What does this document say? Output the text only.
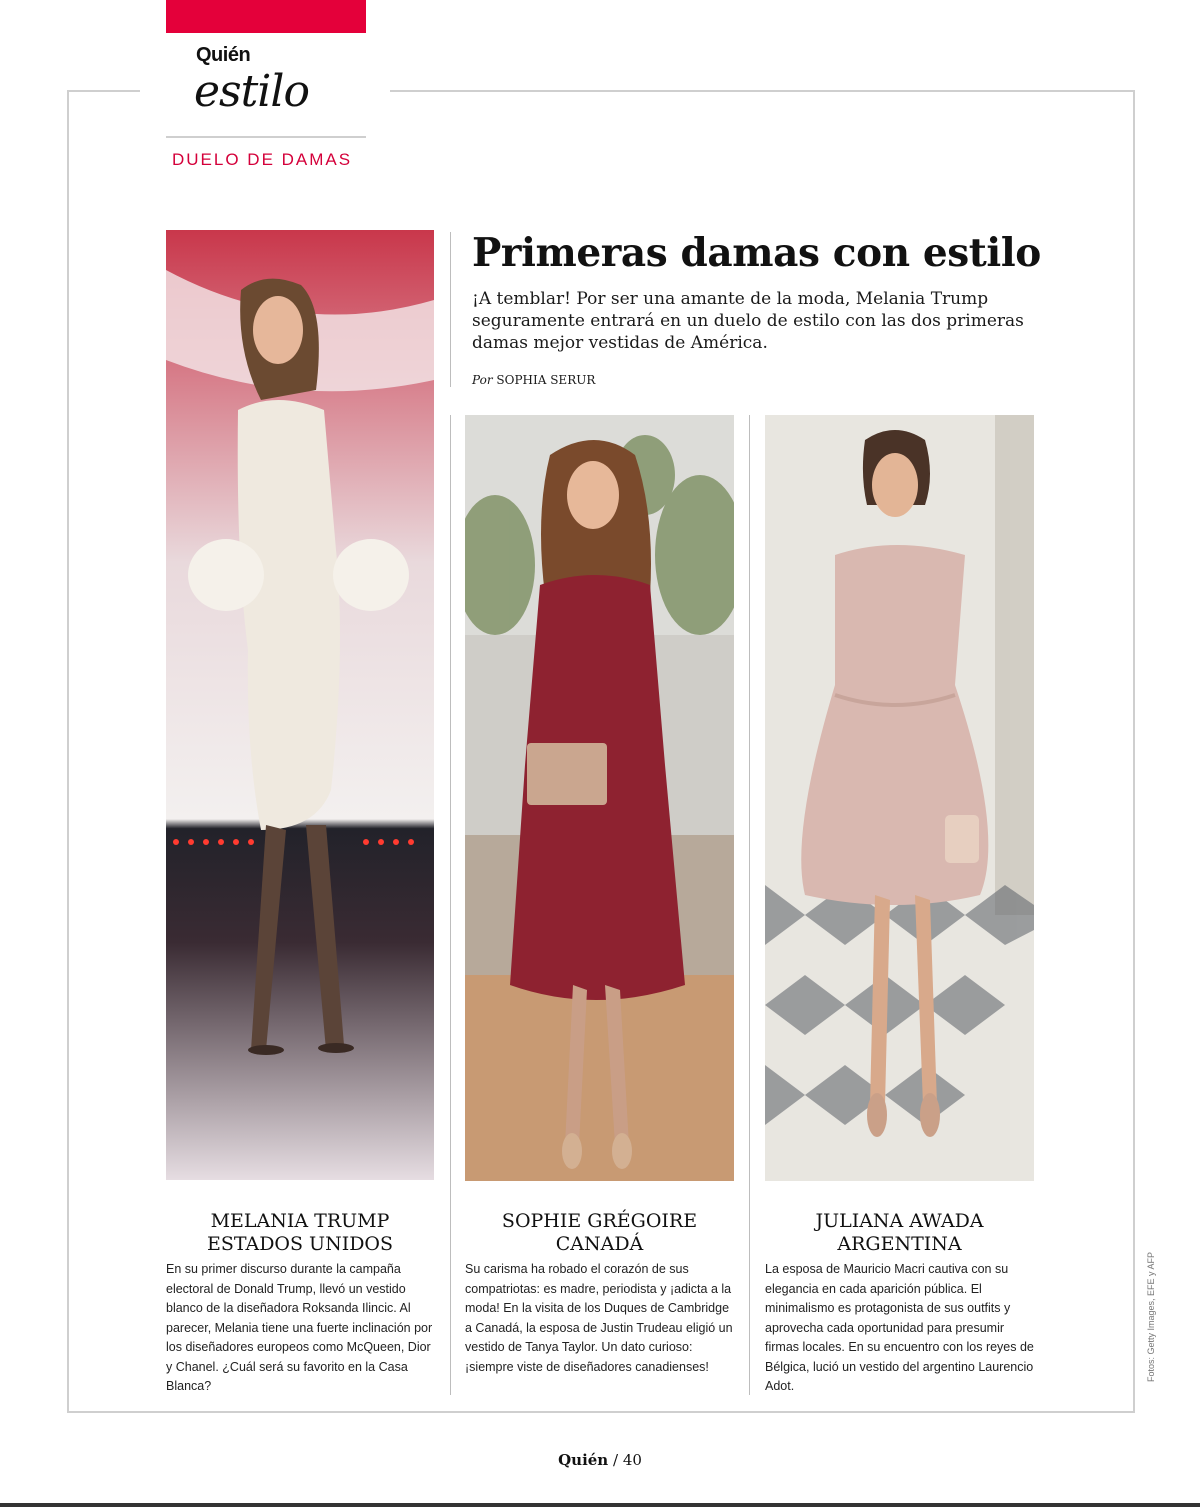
Quién
estilo
DUELO DE DAMAS
Primeras damas con estilo
¡A temblar! Por ser una amante de la moda, Melania Trump seguramente entrará en un duelo de estilo con las dos primeras damas mejor vestidas de América.
Por SOPHIA SERUR
MELANIA TRUMP
ESTADOS UNIDOS
En su primer discurso durante la campaña electoral de Donald Trump, llevó un vestido blanco de la diseñadora Roksanda Ilincic. Al parecer, Melania tiene una fuerte inclinación por los diseñadores europeos como McQueen, Dior y Chanel. ¿Cuál será su favorito en la Casa Blanca?
SOPHIE GRÉGOIRE
CANADÁ
Su carisma ha robado el corazón de sus compatriotas: es madre, periodista y ¡adicta a la moda! En la visita de los Duques de Cambridge a Canadá, la esposa de Justin Trudeau eligió un vestido de Tanya Taylor. Un dato curioso: ¡siempre viste de diseñadores canadienses!
JULIANA AWADA
ARGENTINA
La esposa de Mauricio Macri cautiva con su elegancia en cada aparición pública. El minimalismo es protagonista de sus outfits y aprovecha cada oportunidad para presumir firmas locales. En su encuentro con los reyes de Bélgica, lució un vestido del argentino Laurencio Adot.
Fotos: Getty Images, EFE y AFP
Quién / 40
